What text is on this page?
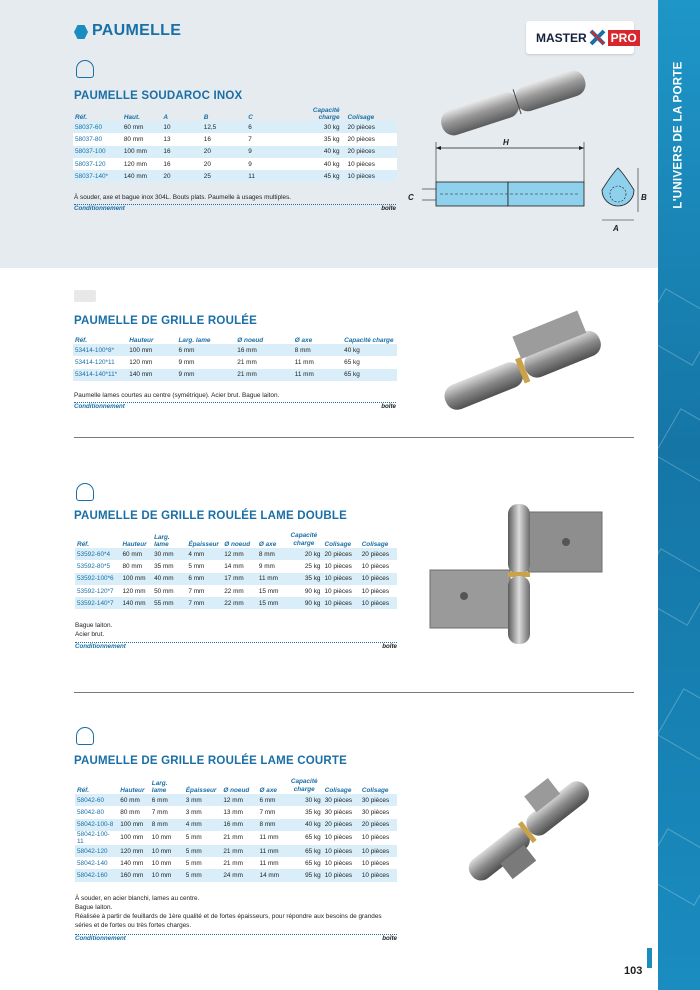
L'UNIVERS DE LA PORTE
PAUMELLE	MASTER PRO
PAUMELLE SOUDAROC INOX
Réf.	Haut.	A	B	C	Capacité charge	Colisage
58037-60	60 mm	10	12,5	6	30 kg	20 pièces
58037-80	80 mm	13	16	7	35 kg	20 pièces
58037-100	100 mm	16	20	9	40 kg	20 pièces
58037-120	120 mm	16	20	9	40 kg	10 pièces
58037-140*	140 mm	20	25	11	45 kg	10 pièces
À souder, axe et bague inox 304L. Bouts plats. Paumelle à usages multiples.
Conditionnement	boîte
H
C	B
A
PAUMELLE DE GRILLE ROULÉE
Réf.	Hauteur	Larg. lame	Ø noeud	Ø axe	Capacité charge
53414-100*8*	100 mm	6 mm	16 mm	8 mm	40 kg
53414-120*11	120 mm	9 mm	21 mm	11 mm	65 kg
53414-140*11*	140 mm	9 mm	21 mm	11 mm	65 kg
Paumelle lames courtes au centre (symétrique). Acier brut. Bague laiton.
Conditionnement	boîte
PAUMELLE DE GRILLE ROULÉE LAME DOUBLE
Réf.	Hauteur	Larg. lame	Épaisseur	Ø noeud	Ø axe	Capacité charge	Colisage	Colisage
53592-60*4	60 mm	30 mm	4 mm	12 mm	8 mm	20 kg	20 pièces	20 pièces
53592-80*5	80 mm	35 mm	5 mm	14 mm	9 mm	25 kg	10 pièces	10 pièces
53592-100*6	100 mm	40 mm	6 mm	17 mm	11 mm	35 kg	10 pièces	10 pièces
53592-120*7	120 mm	50 mm	7 mm	22 mm	15 mm	90 kg	10 pièces	10 pièces
53592-140*7	140 mm	55 mm	7 mm	22 mm	15 mm	90 kg	10 pièces	10 pièces
Bague laiton.
Acier brut.
Conditionnement	boîte
PAUMELLE DE GRILLE ROULÉE LAME COURTE
Réf.	Hauteur	Larg. lame	Épaisseur	Ø noeud	Ø axe	Capacité charge	Colisage	Colisage
58042-60	60 mm	6 mm	3 mm	12 mm	6 mm	30 kg	30 pièces	30 pièces
58042-80	80 mm	7 mm	3 mm	13 mm	7 mm	35 kg	30 pièces	30 pièces
58042-100-8	100 mm	8 mm	4 mm	16 mm	8 mm	40 kg	20 pièces	20 pièces
58042-100-11	100 mm	10 mm	5 mm	21 mm	11 mm	65 kg	10 pièces	10 pièces
58042-120	120 mm	10 mm	5 mm	21 mm	11 mm	65 kg	10 pièces	10 pièces
58042-140	140 mm	10 mm	5 mm	21 mm	11 mm	65 kg	10 pièces	10 pièces
58042-160	160 mm	10 mm	5 mm	24 mm	14 mm	95 kg	10 pièces	10 pièces
À souder, en acier blanchi, lames au centre.
Bague laiton.
Réalisée à partir de feuillards de 1ère qualité et de fortes épaisseurs, pour répondre aux besoins de grandes
séries et de fortes ou très fortes charges.
Conditionnement	boîte
103
